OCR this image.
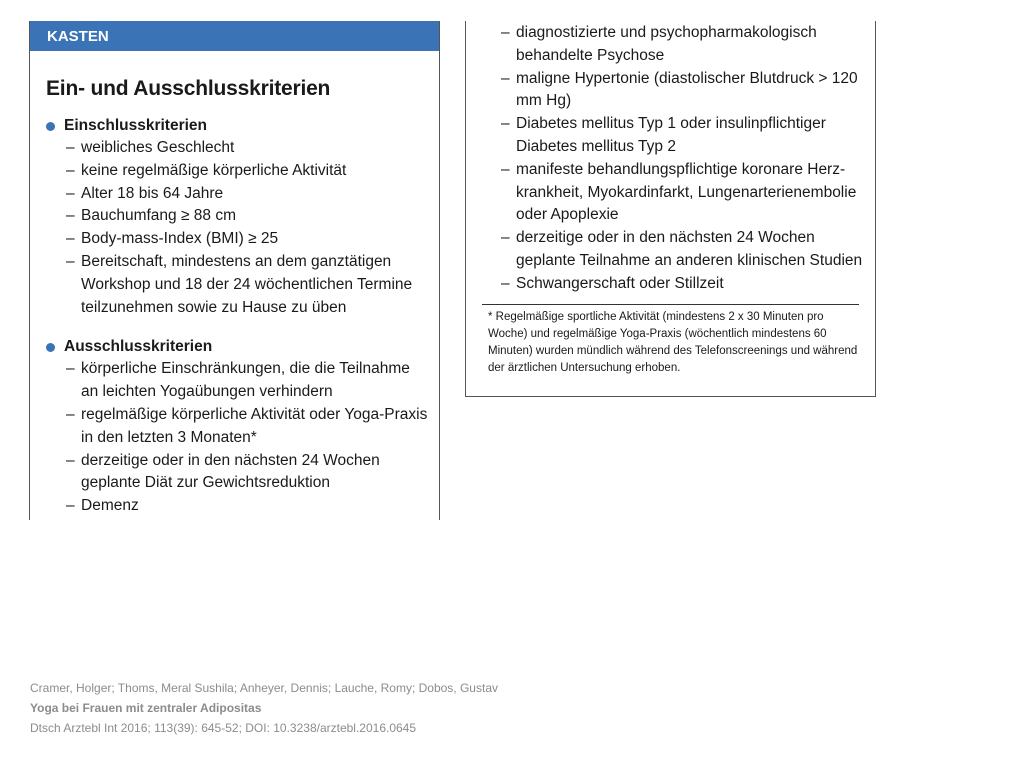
KASTEN
Ein- und Ausschlusskriterien
Einschlusskriterien
– weibliches Geschlecht
– keine regelmäßige körperliche Aktivität
– Alter 18 bis 64 Jahre
– Bauchumfang ≥ 88 cm
– Body-mass-Index (BMI) ≥ 25
– Bereitschaft, mindestens an dem ganztätigen Workshop und 18 der 24 wöchentlichen Termine teilzunehmen sowie zu Hause zu üben
Ausschlusskriterien
– körperliche Einschränkungen, die die Teilnahme an leichten Yogaübungen verhindern
– regelmäßige körperliche Aktivität oder Yoga-Praxis in den letzten 3 Monaten*
– derzeitige oder in den nächsten 24 Wochen geplante Diät zur Gewichtsreduktion
– Demenz
– diagnostizierte und psychopharmakologisch behandelte Psychose
– maligne Hypertonie (diastolischer Blutdruck > 120 mm Hg)
– Diabetes mellitus Typ 1 oder insulinpflichtiger Diabetes mellitus Typ 2
– manifeste behandlungspflichtige koronare Herz-krankheit, Myokardinfarkt, Lungenarterienembolie oder Apoplexie
– derzeitige oder in den nächsten 24 Wochen geplante Teilnahme an anderen klinischen Studien
– Schwangerschaft oder Stillzeit
* Regelmäßige sportliche Aktivität (mindestens 2 x 30 Minuten pro Woche) und regelmäßige Yoga-Praxis (wöchentlich mindestens 60 Minuten) wurden mündlich während des Telefonscreenings und während der ärztlichen Untersuchung erhoben.
Cramer, Holger; Thoms, Meral Sushila; Anheyer, Dennis; Lauche, Romy; Dobos, Gustav
Yoga bei Frauen mit zentraler Adipositas
Dtsch Arztebl Int 2016; 113(39): 645-52; DOI: 10.3238/arztebl.2016.0645
